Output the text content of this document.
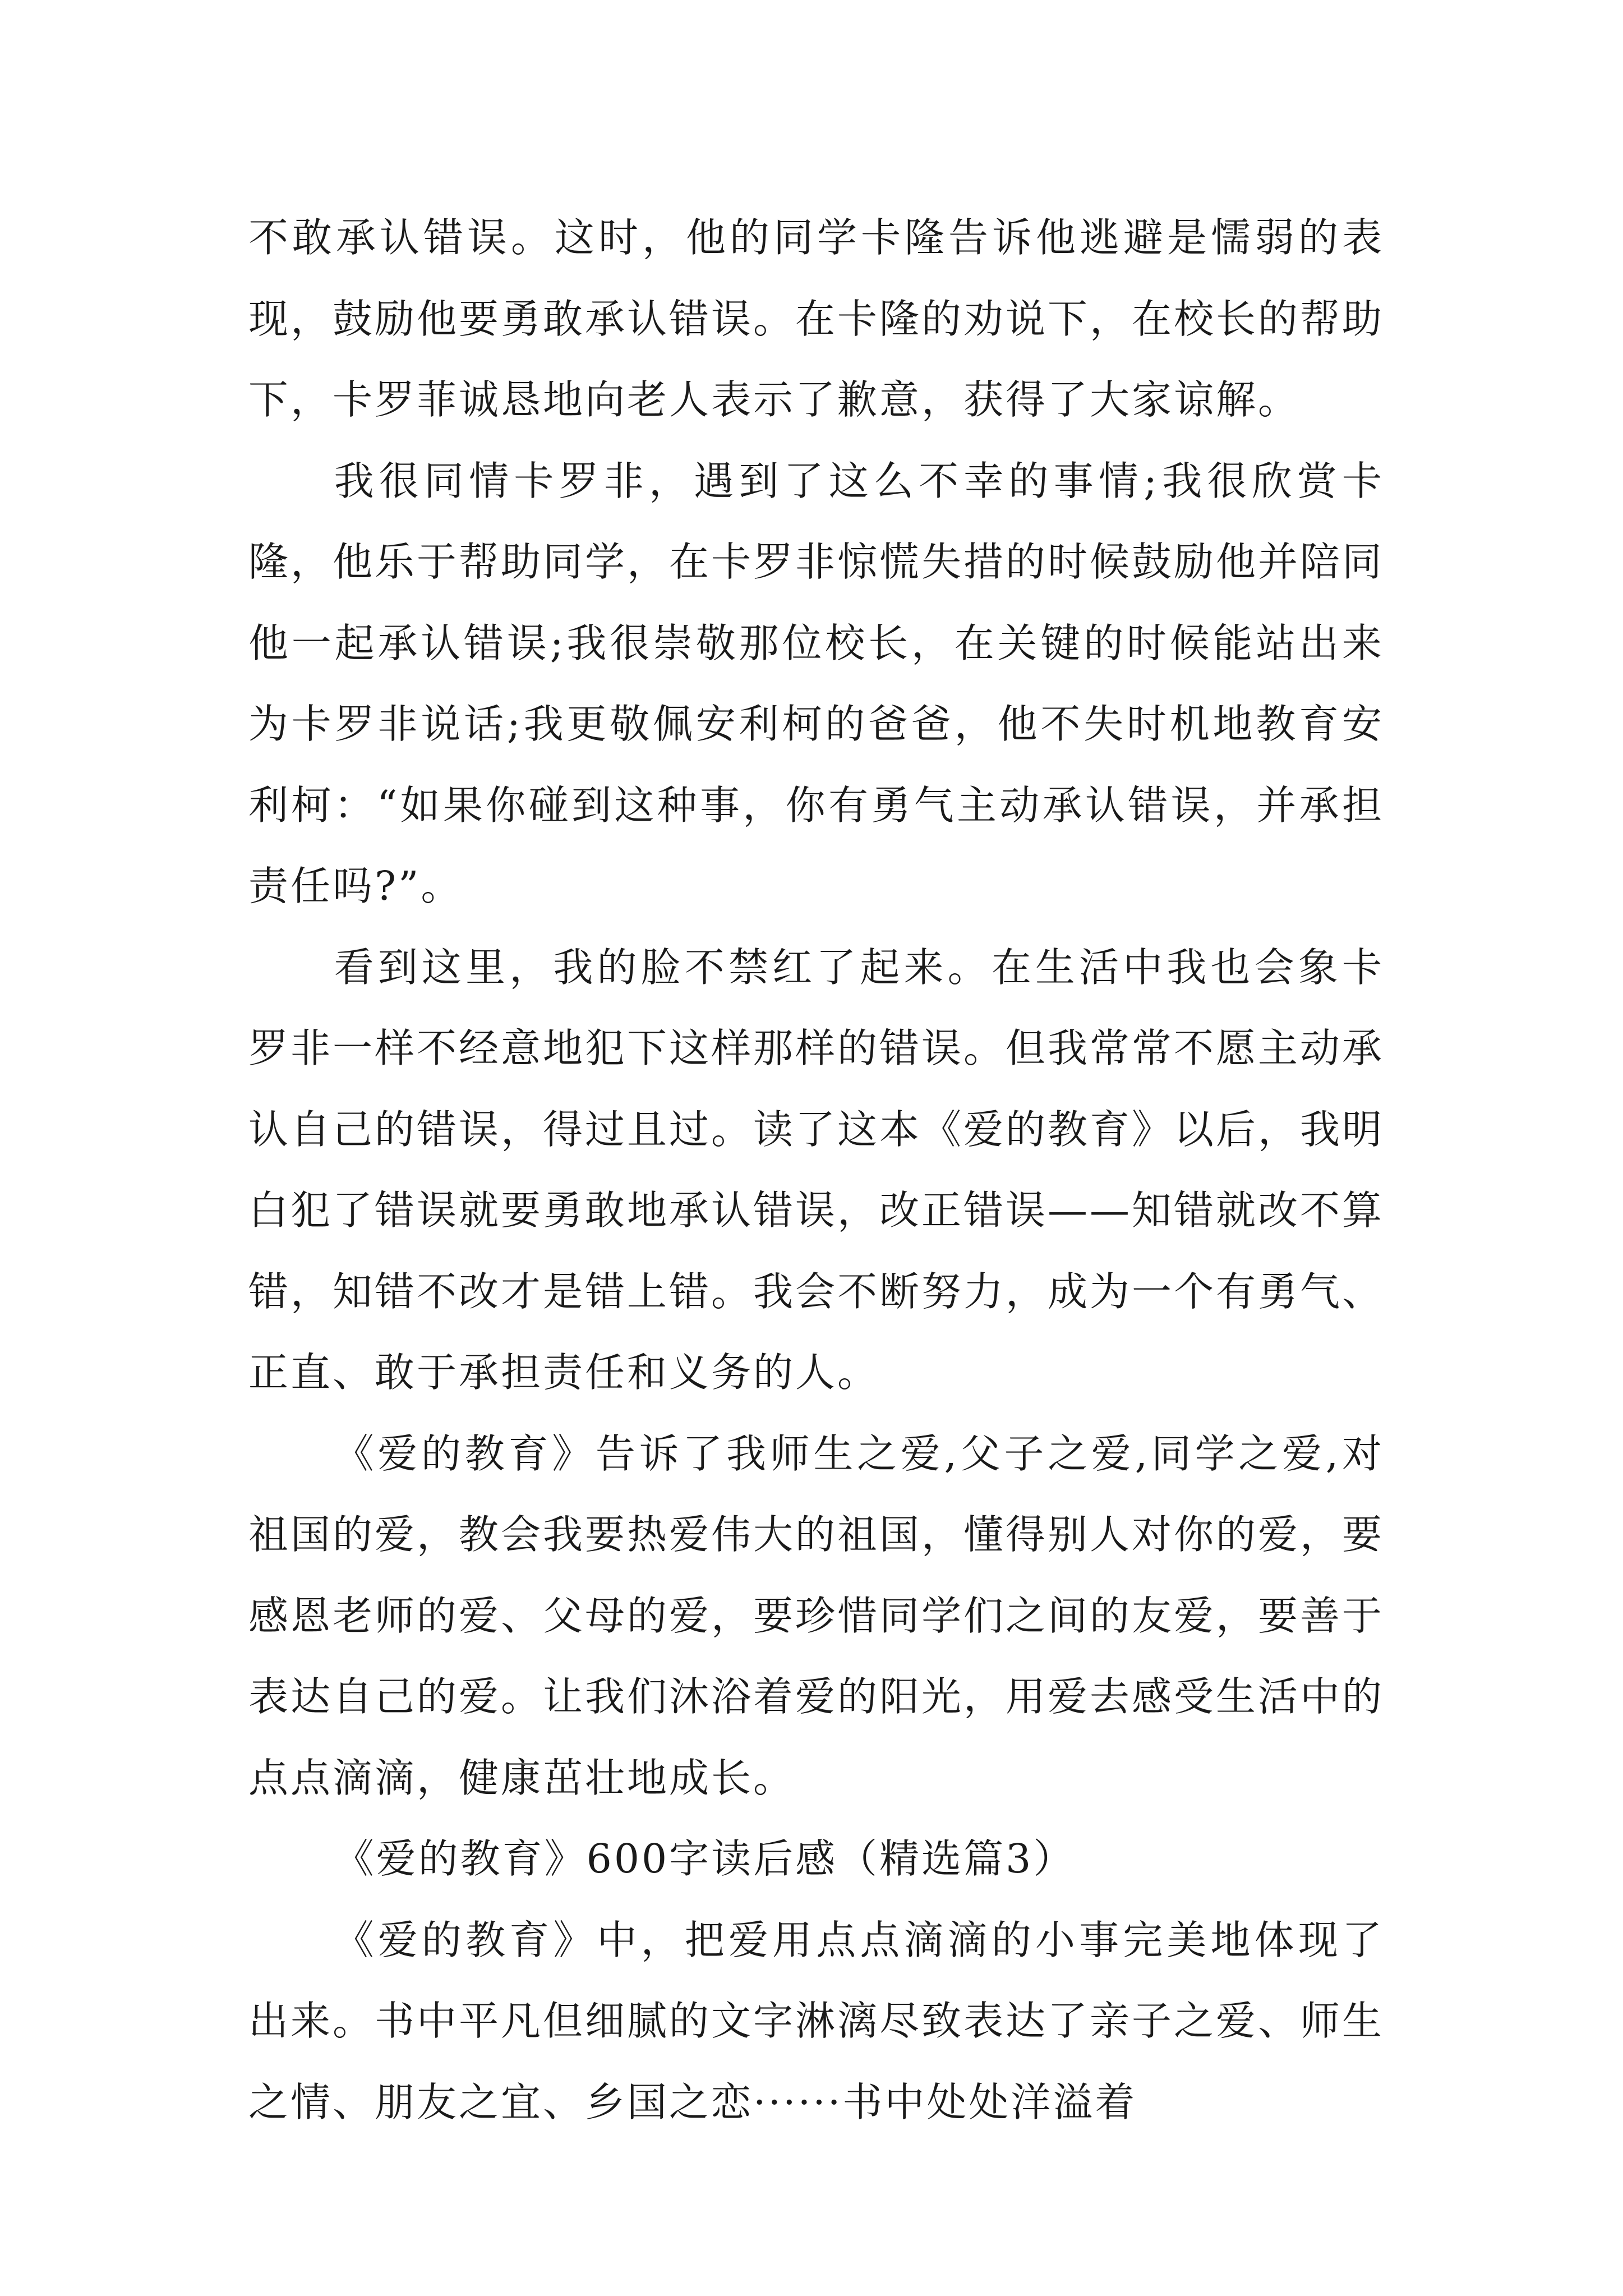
不敢承认错误。这时，他的同学卡隆告诉他逃避是懦弱的表现，鼓励他要勇敢承认错误。在卡隆的劝说下，在校长的帮助下，卡罗菲诚恳地向老人表示了歉意，获得了大家谅解。

我很同情卡罗非，遇到了这么不幸的事情;我很欣赏卡隆，他乐于帮助同学，在卡罗非惊慌失措的时候鼓励他并陪同他一起承认错误;我很崇敬那位校长，在关键的时候能站出来为卡罗非说话;我更敬佩安利柯的爸爸，他不失时机地教育安利柯：“如果你碰到这种事，你有勇气主动承认错误，并承担责任吗?”。

看到这里，我的脸不禁红了起来。在生活中我也会象卡罗非一样不经意地犯下这样那样的错误。但我常常不愿主动承认自己的错误，得过且过。读了这本《爱的教育》以后，我明白犯了错误就要勇敢地承认错误，改正错误——知错就改不算错，知错不改才是错上错。我会不断努力，成为一个有勇气、正直、敢于承担责任和义务的人。

《爱的教育》告诉了我师生之爱,父子之爱,同学之爱,对祖国的爱，教会我要热爱伟大的祖国，懂得别人对你的爱，要感恩老师的爱、父母的爱，要珍惜同学们之间的友爱，要善于表达自己的爱。让我们沐浴着爱的阳光，用爱去感受生活中的点点滴滴，健康茁壮地成长。

《爱的教育》600字读后感（精选篇3）

《爱的教育》中，把爱用点点滴滴的小事完美地体现了出来。书中平凡但细腻的文字淋漓尽致表达了亲子之爱、师生之情、朋友之宜、乡国之恋······书中处处洋溢着
